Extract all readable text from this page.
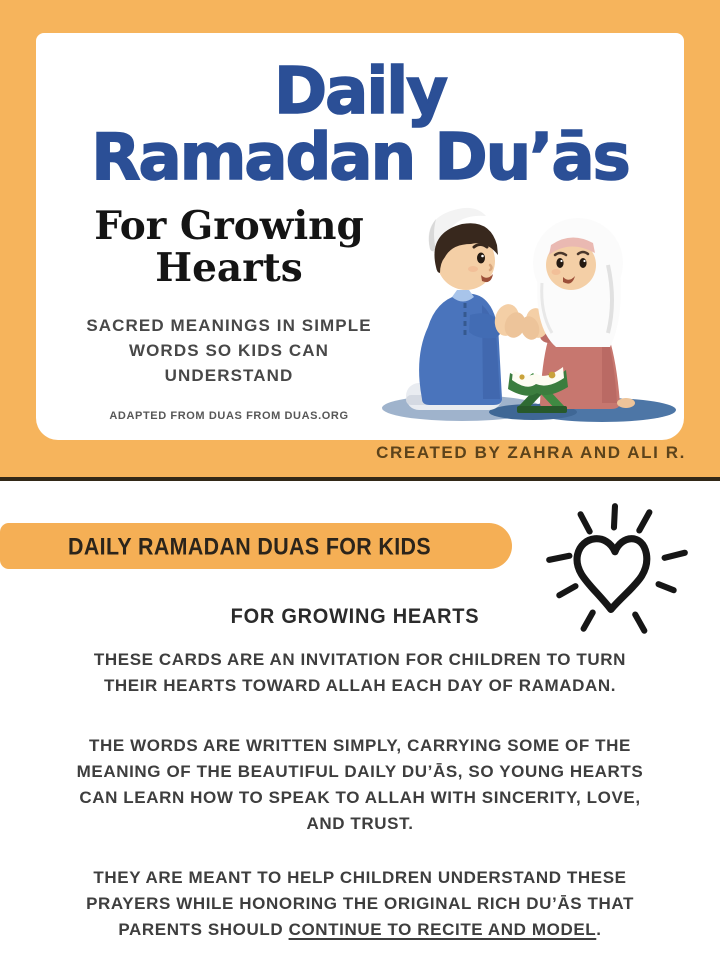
Daily
Ramadan Du’ās
For Growing
Hearts
SACRED MEANINGS IN SIMPLE
WORDS SO KIDS CAN
UNDERSTAND
ADAPTED FROM DUAS FROM DUAS.ORG
CREATED BY ZAHRA AND ALI R.
DAILY RAMADAN DUAS FOR KIDS
FOR GROWING HEARTS

THESE CARDS ARE AN INVITATION FOR CHILDREN TO TURN
THEIR HEARTS TOWARD ALLAH EACH DAY OF RAMADAN.

THE WORDS ARE WRITTEN SIMPLY, CARRYING SOME OF THE
MEANING OF THE BEAUTIFUL DAILY DU’ĀS, SO YOUNG HEARTS
CAN LEARN HOW TO SPEAK TO ALLAH WITH SINCERITY, LOVE,
AND TRUST.

THEY ARE MEANT TO HELP CHILDREN UNDERSTAND THESE
PRAYERS WHILE HONORING THE ORIGINAL RICH DU’ĀS THAT
PARENTS SHOULD CONTINUE TO RECITE AND MODEL.
